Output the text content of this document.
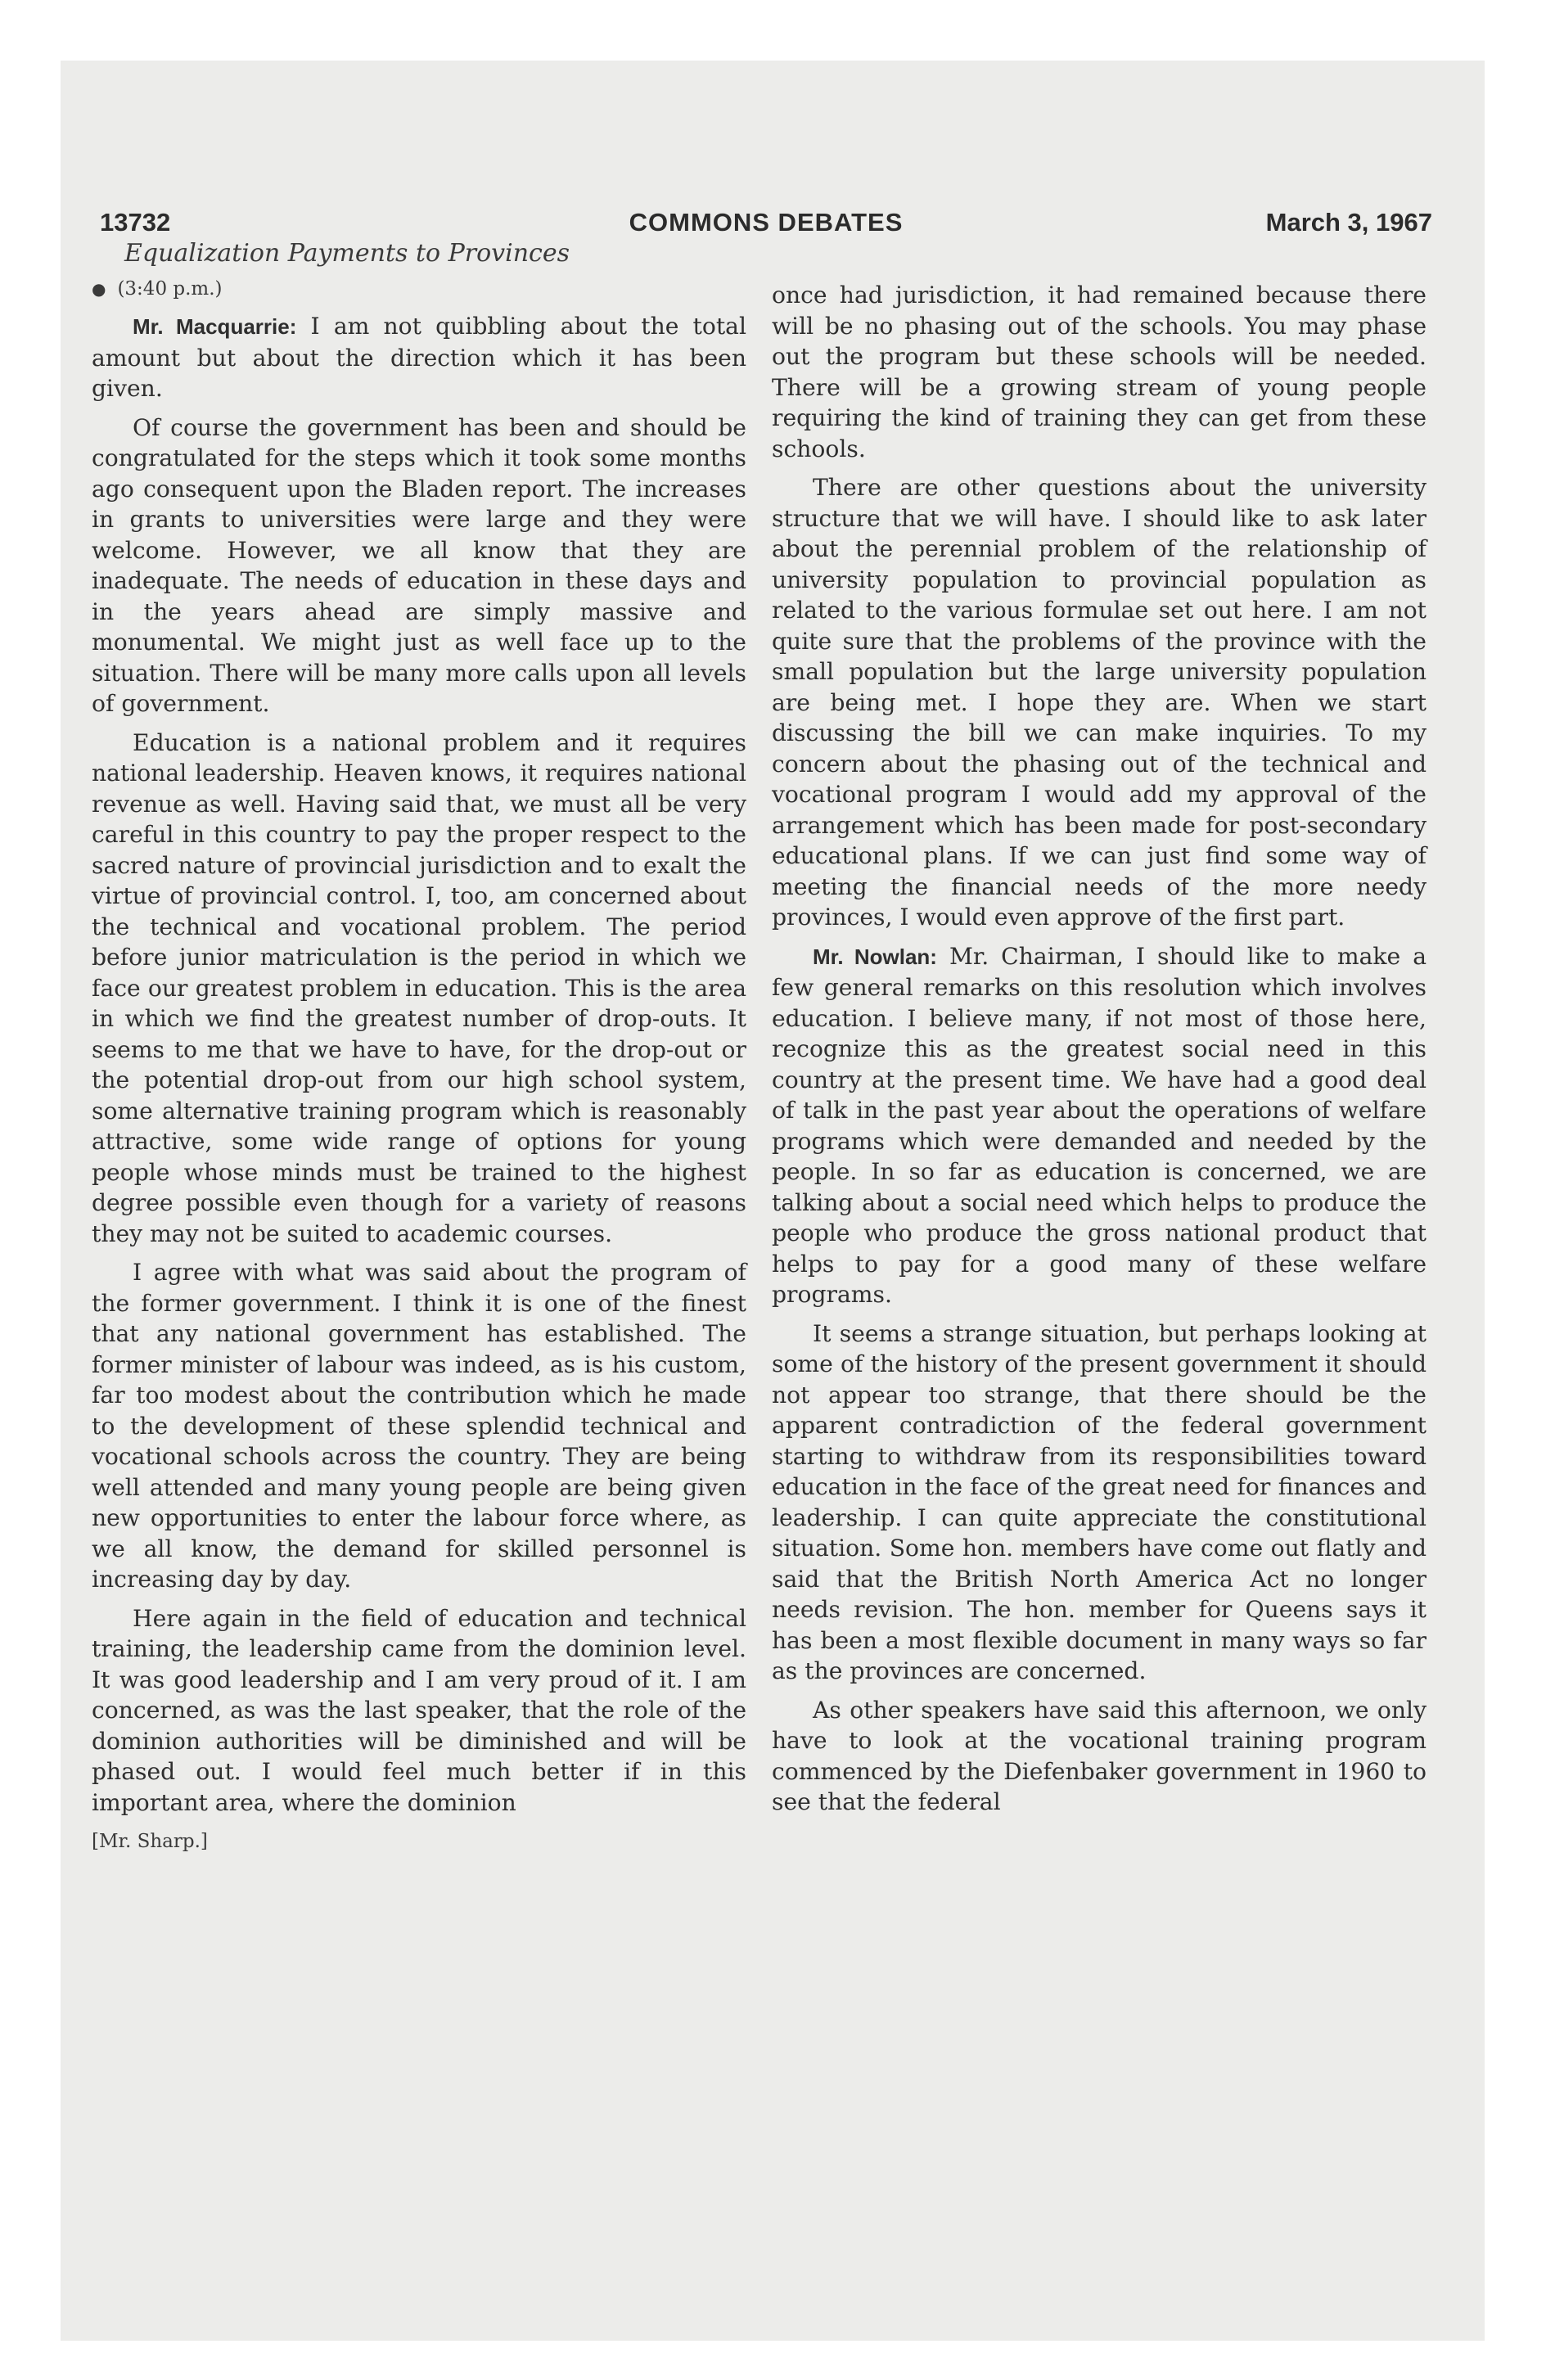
13732	COMMONS DEBATES	March 3, 1967
Equalization Payments to Provinces
● (3:40 p.m.)

Mr. Macquarrie: I am not quibbling about the total amount but about the direction which it has been given.

Of course the government has been and should be congratulated for the steps which it took some months ago consequent upon the Bladen report. The increases in grants to universities were large and they were welcome. However, we all know that they are inadequate. The needs of education in these days and in the years ahead are simply massive and monumental. We might just as well face up to the situation. There will be many more calls upon all levels of government.

Education is a national problem and it requires national leadership. Heaven knows, it requires national revenue as well. Having said that, we must all be very careful in this country to pay the proper respect to the sacred nature of provincial jurisdiction and to exalt the virtue of provincial control. I, too, am concerned about the technical and vocational problem. The period before junior matriculation is the period in which we face our greatest problem in education. This is the area in which we find the greatest number of drop-outs. It seems to me that we have to have, for the drop-out or the potential drop-out from our high school system, some alternative training program which is reasonably attractive, some wide range of options for young people whose minds must be trained to the highest degree possible even though for a variety of reasons they may not be suited to academic courses.

I agree with what was said about the program of the former government. I think it is one of the finest that any national government has established. The former minister of labour was indeed, as is his custom, far too modest about the contribution which he made to the development of these splendid technical and vocational schools across the country. They are being well attended and many young people are being given new opportunities to enter the labour force where, as we all know, the demand for skilled personnel is increasing day by day.

Here again in the field of education and technical training, the leadership came from the dominion level. It was good leadership and I am very proud of it. I am concerned, as was the last speaker, that the role of the dominion authorities will be diminished and will be phased out. I would feel much better if in this important area, where the dominion

once had jurisdiction, it had remained because there will be no phasing out of the schools. You may phase out the program but these schools will be needed. There will be a growing stream of young people requiring the kind of training they can get from these schools.

There are other questions about the university structure that we will have. I should like to ask later about the perennial problem of the relationship of university population to provincial population as related to the various formulae set out here. I am not quite sure that the problems of the province with the small population but the large university population are being met. I hope they are. When we start discussing the bill we can make inquiries. To my concern about the phasing out of the technical and vocational program I would add my approval of the arrangement which has been made for post-secondary educational plans. If we can just find some way of meeting the financial needs of the more needy provinces, I would even approve of the first part.

Mr. Nowlan: Mr. Chairman, I should like to make a few general remarks on this resolution which involves education. I believe many, if not most of those here, recognize this as the greatest social need in this country at the present time. We have had a good deal of talk in the past year about the operations of welfare programs which were demanded and needed by the people. In so far as education is concerned, we are talking about a social need which helps to produce the people who produce the gross national product that helps to pay for a good many of these welfare programs.

It seems a strange situation, but perhaps looking at some of the history of the present government it should not appear too strange, that there should be the apparent contradiction of the federal government starting to withdraw from its responsibilities toward education in the face of the great need for finances and leadership. I can quite appreciate the constitutional situation. Some hon. members have come out flatly and said that the British North America Act no longer needs revision. The hon. member for Queens says it has been a most flexible document in many ways so far as the provinces are concerned.

As other speakers have said this afternoon, we only have to look at the vocational training program commenced by the Diefenbaker government in 1960 to see that the federal

[Mr. Sharp.]
